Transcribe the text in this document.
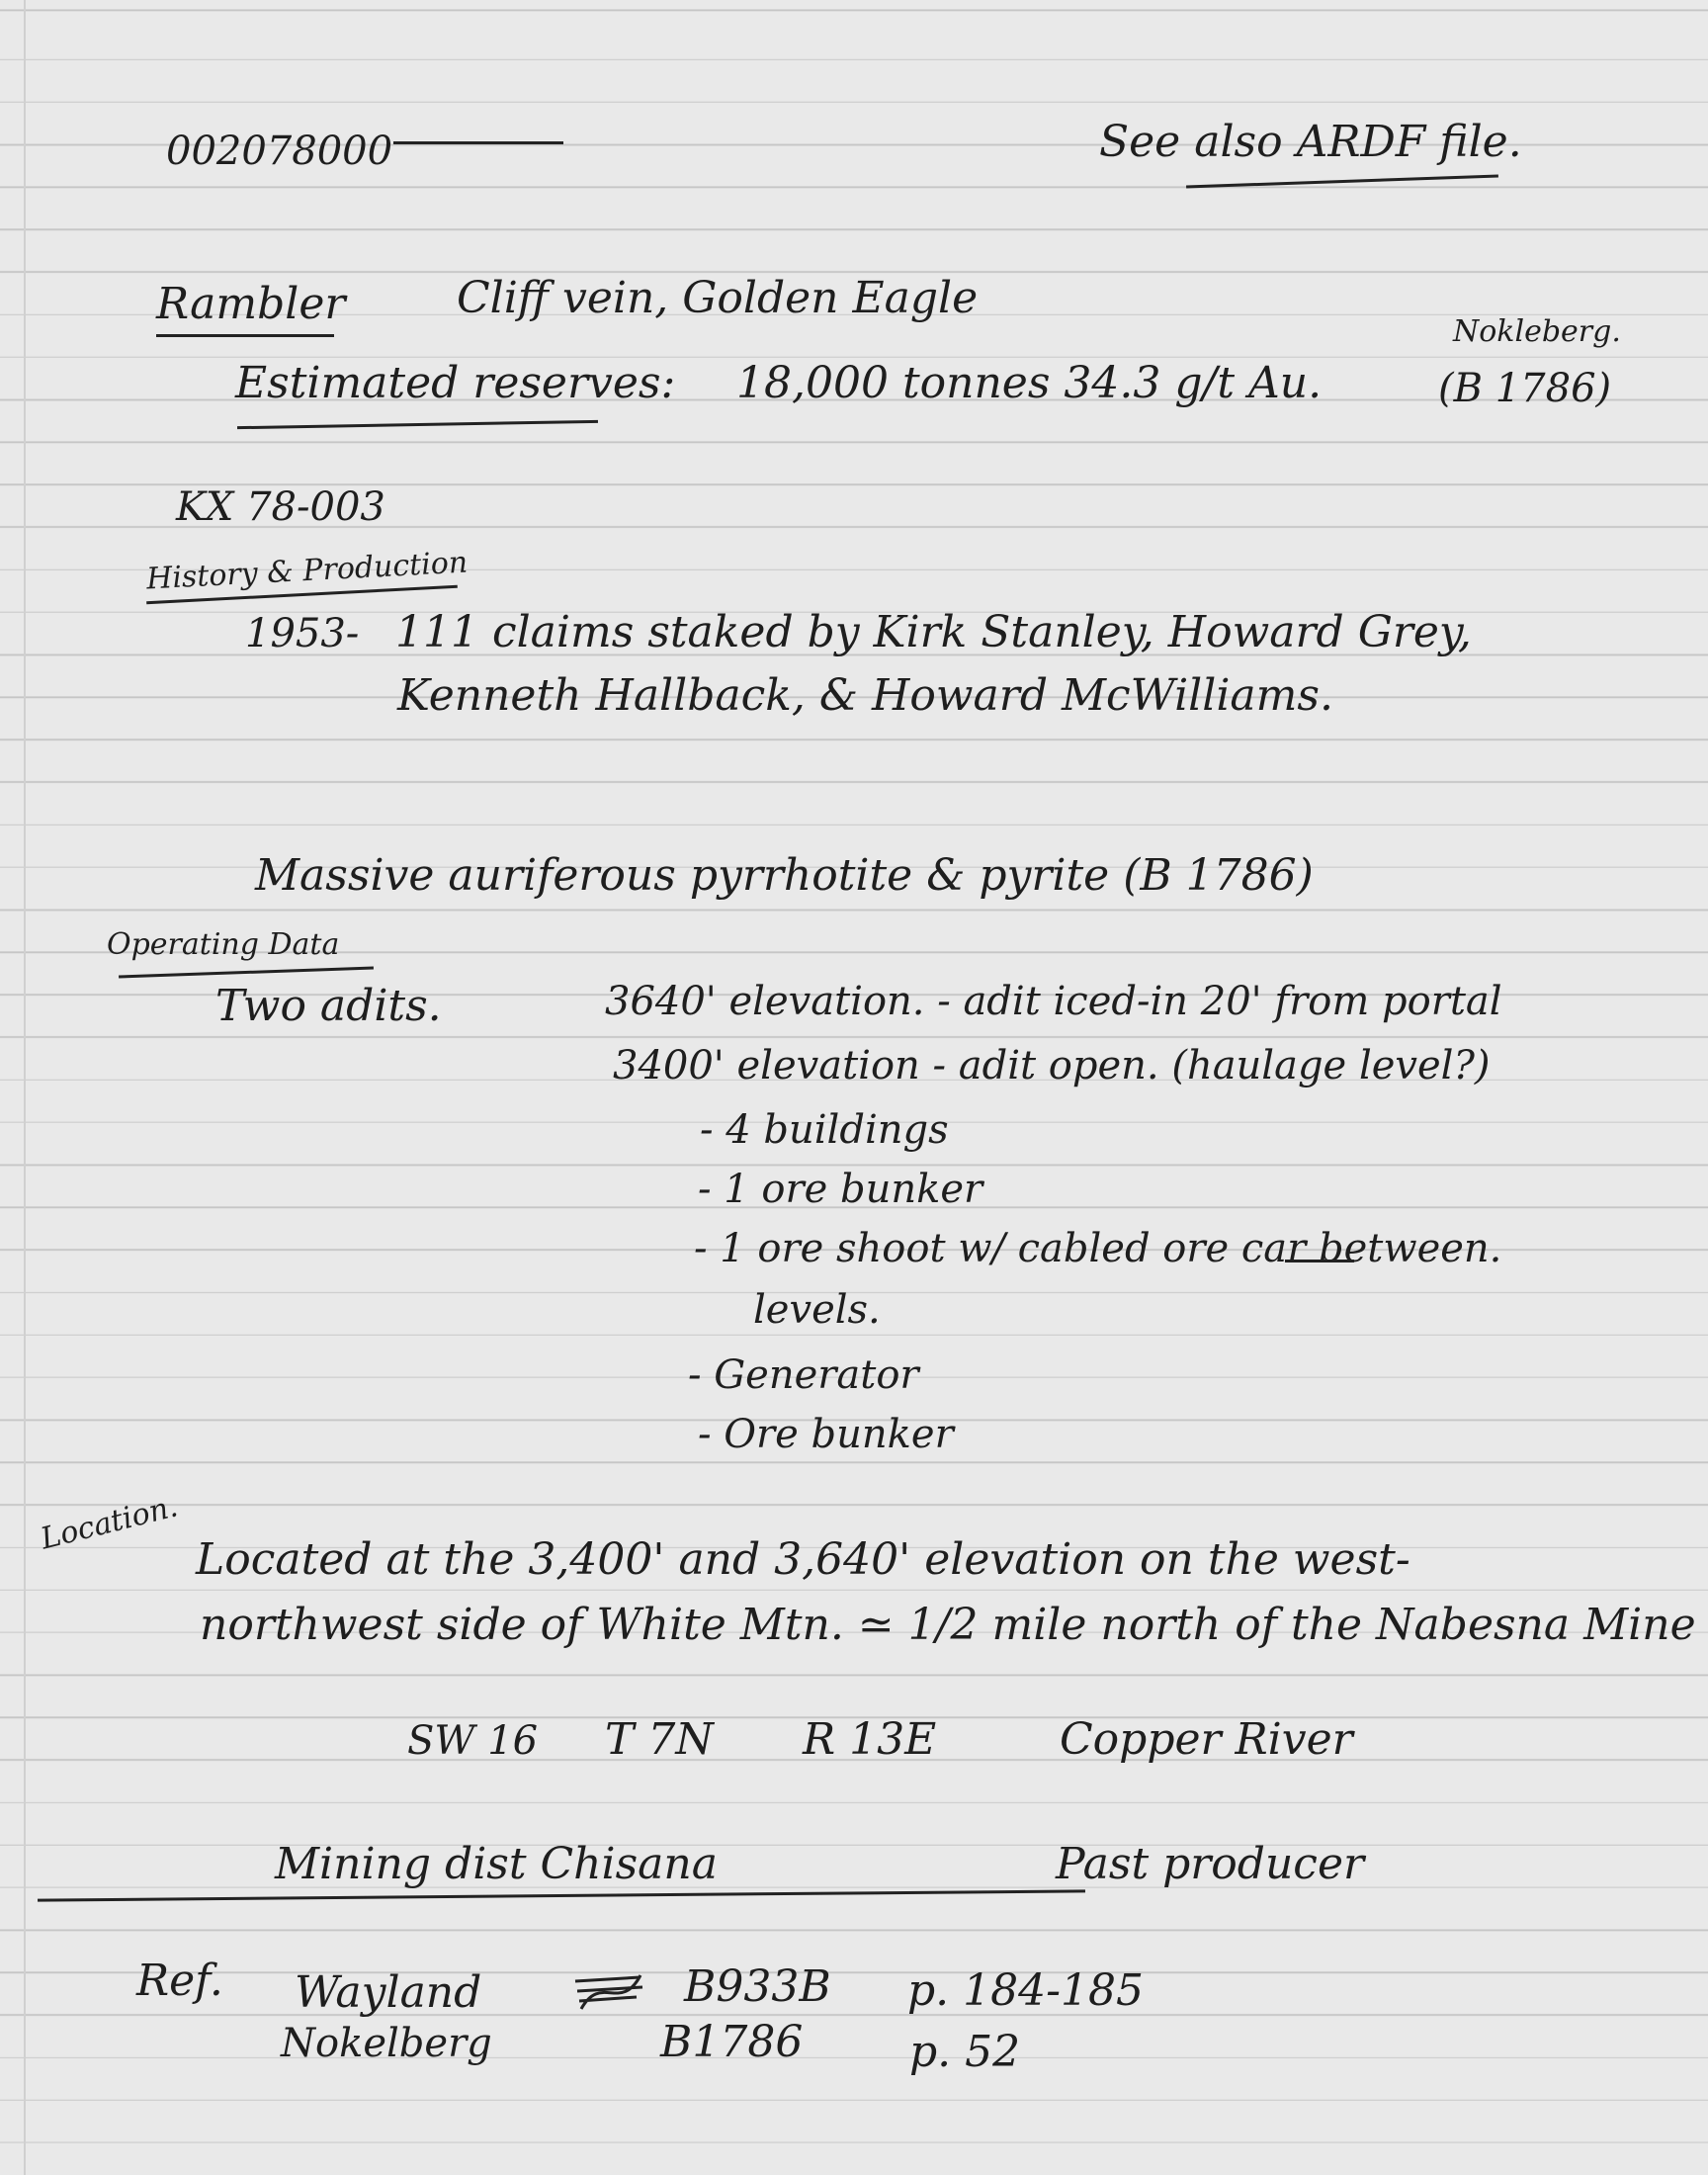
002078000	See also ARDF file.
Rambler	Cliff vein, Golden Eagle
Nokleberg.
Estimated reserves: 18,000 tonnes 34.3 g/t Au.	(B 1786)
KX 78-003
History & Production
1953- 111 claims staked by Kirk Stanley, Howard Grey,
Kenneth Hallback, & Howard McWilliams.
Massive auriferous pyrrhotite & pyrite (B 1786)
Operating Data
Two adits.	3640' elevation. - adit iced-in 20' from portal
3400' elevation - adit open. (haulage level?)
- 4 buildings
- 1 ore bunker
- 1 ore shoot w/ cabled ore car between.
levels.
- Generator
- Ore bunker
Location.
Located at the 3,400' and 3,640' elevation on the west-
northwest side of White Mtn. ≃ 1/2 mile north of the Nabesna Mine
SW 16 T 7N R 13E	Copper River
Mining dist Chisana	Past producer
Ref. Wayland	B933B p. 184-185
Nokelberg	B1786 p. 52
